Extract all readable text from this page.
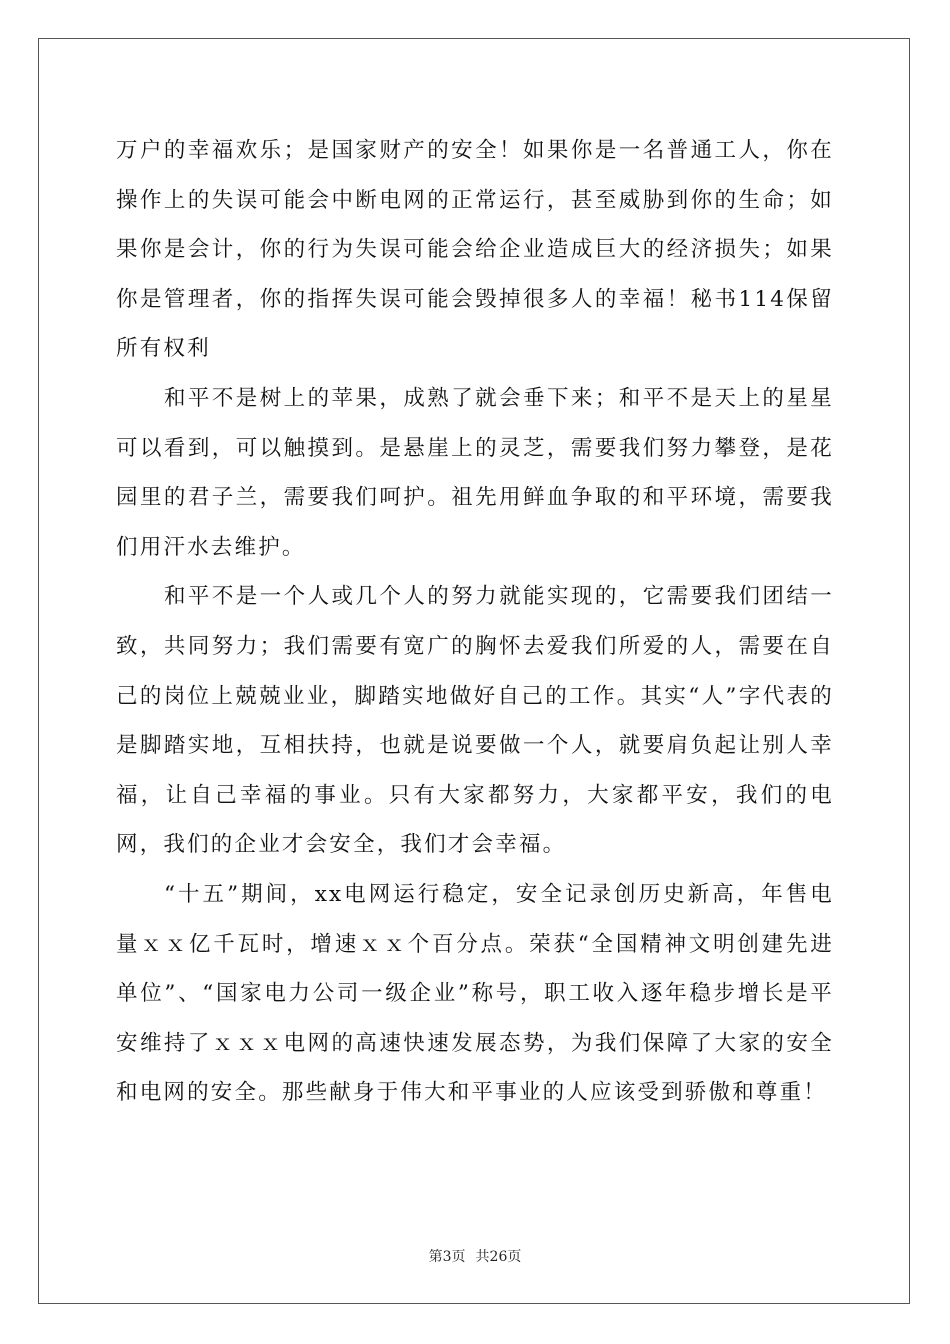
万户的幸福欢乐；是国家财产的安全！如果你是一名普通工人，你在操作上的失误可能会中断电网的正常运行，甚至威胁到你的生命；如果你是会计，你的行为失误可能会给企业造成巨大的经济损失；如果你是管理者，你的指挥失误可能会毁掉很多人的幸福！秘书114保留所有权利

和平不是树上的苹果，成熟了就会垂下来；和平不是天上的星星可以看到，可以触摸到。是悬崖上的灵芝，需要我们努力攀登，是花园里的君子兰，需要我们呵护。祖先用鲜血争取的和平环境，需要我们用汗水去维护。

和平不是一个人或几个人的努力就能实现的，它需要我们团结一致，共同努力；我们需要有宽广的胸怀去爱我们所爱的人，需要在自己的岗位上兢兢业业，脚踏实地做好自己的工作。其实“人”字代表的是脚踏实地，互相扶持，也就是说要做一个人，就要肩负起让别人幸福，让自己幸福的事业。只有大家都努力，大家都平安，我们的电网，我们的企业才会安全，我们才会幸福。

“十五”期间，xx电网运行稳定，安全记录创历史新高，年售电量ｘｘ亿千瓦时，增速ｘｘ个百分点。荣获“全国精神文明创建先进单位”、“国家电力公司一级企业”称号，职工收入逐年稳步增长是平安维持了ｘｘｘ电网的高速快速发展态势，为我们保障了大家的安全和电网的安全。那些献身于伟大和平事业的人应该受到骄傲和尊重！

第3页 共26页
